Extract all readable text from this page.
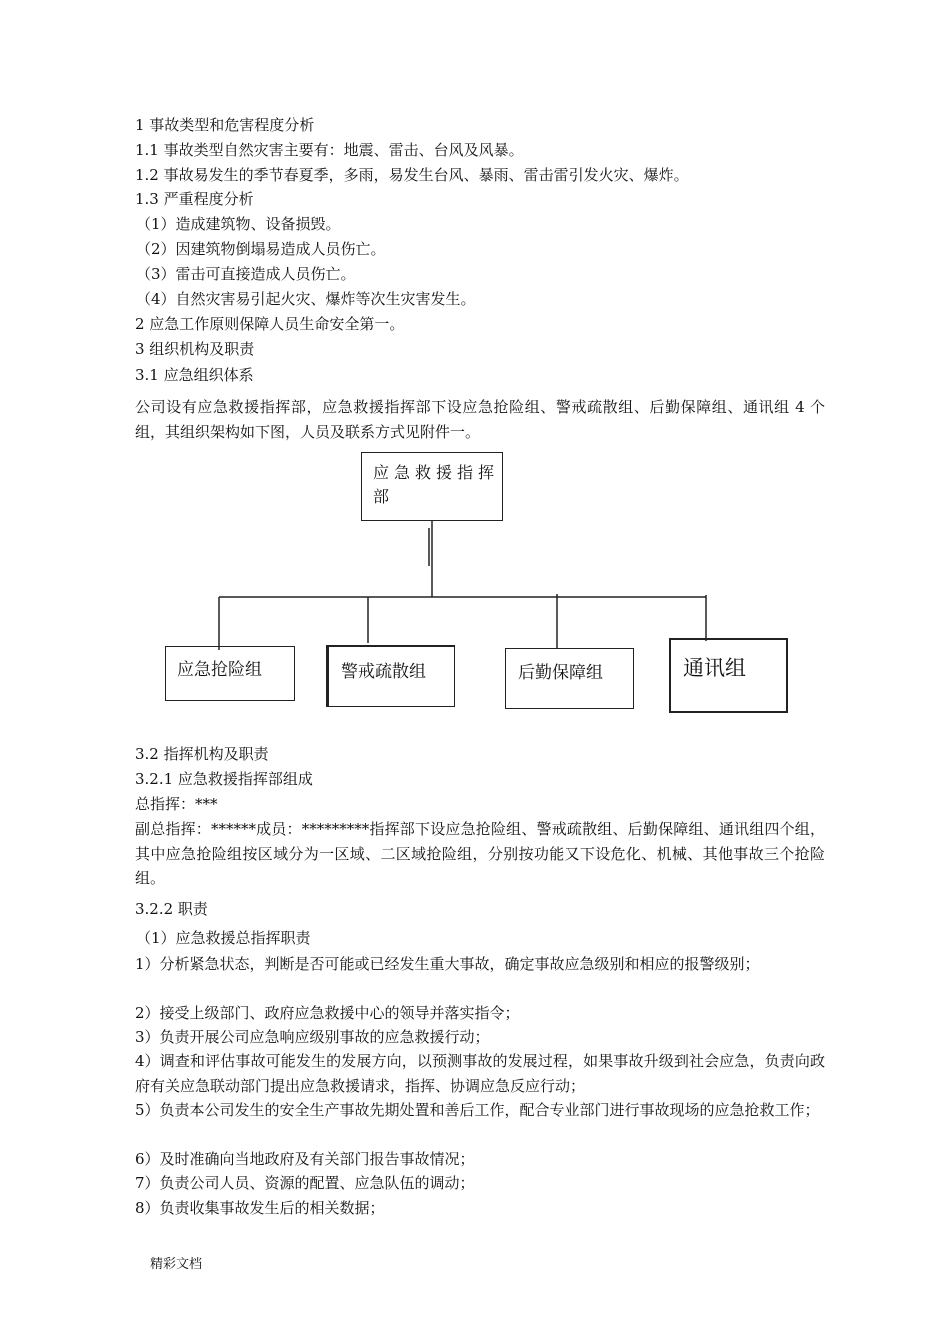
1 事故类型和危害程度分析

1.1 事故类型自然灾害主要有：地震、雷击、台风及风暴。

1.2 事故易发生的季节春夏季，多雨，易发生台风、暴雨、雷击雷引发火灾、爆炸。

1.3 严重程度分析

（1）造成建筑物、设备损毁。

（2）因建筑物倒塌易造成人员伤亡。

（3）雷击可直接造成人员伤亡。

（4）自然灾害易引起火灾、爆炸等次生灾害发生。

2 应急工作原则保障人员生命安全第一。

3 组织机构及职责

3.1 应急组织体系

公司设有应急救援指挥部，应急救援指挥部下设应急抢险组、警戒疏散组、后勤保障组、通讯组 4 个组，其组织架构如下图，人员及联系方式见附件一。

应急救援指挥部
应急抢险组	警戒疏散组	后勤保障组	通讯组

3.2 指挥机构及职责

3.2.1 应急救援指挥部组成

总指挥：***

副总指挥：******成员：*********指挥部下设应急抢险组、警戒疏散组、后勤保障组、通讯组四个组，其中应急抢险组按区域分为一区域、二区域抢险组，分别按功能又下设危化、机械、其他事故三个抢险组。

3.2.2 职责

（1）应急救援总指挥职责

1）分析紧急状态，判断是否可能或已经发生重大事故，确定事故应急级别和相应的报警级别；

2）接受上级部门、政府应急救援中心的领导并落实指令；

3）负责开展公司应急响应级别事故的应急救援行动；

4）调查和评估事故可能发生的发展方向，以预测事故的发展过程，如果事故升级到社会应急，负责向政府有关应急联动部门提出应急救援请求，指挥、协调应急反应行动；

5）负责本公司发生的安全生产事故先期处置和善后工作，配合专业部门进行事故现场的应急抢救工作；

6）及时准确向当地政府及有关部门报告事故情况；

7）负责公司人员、资源的配置、应急队伍的调动；

8）负责收集事故发生后的相关数据；

精彩文档
